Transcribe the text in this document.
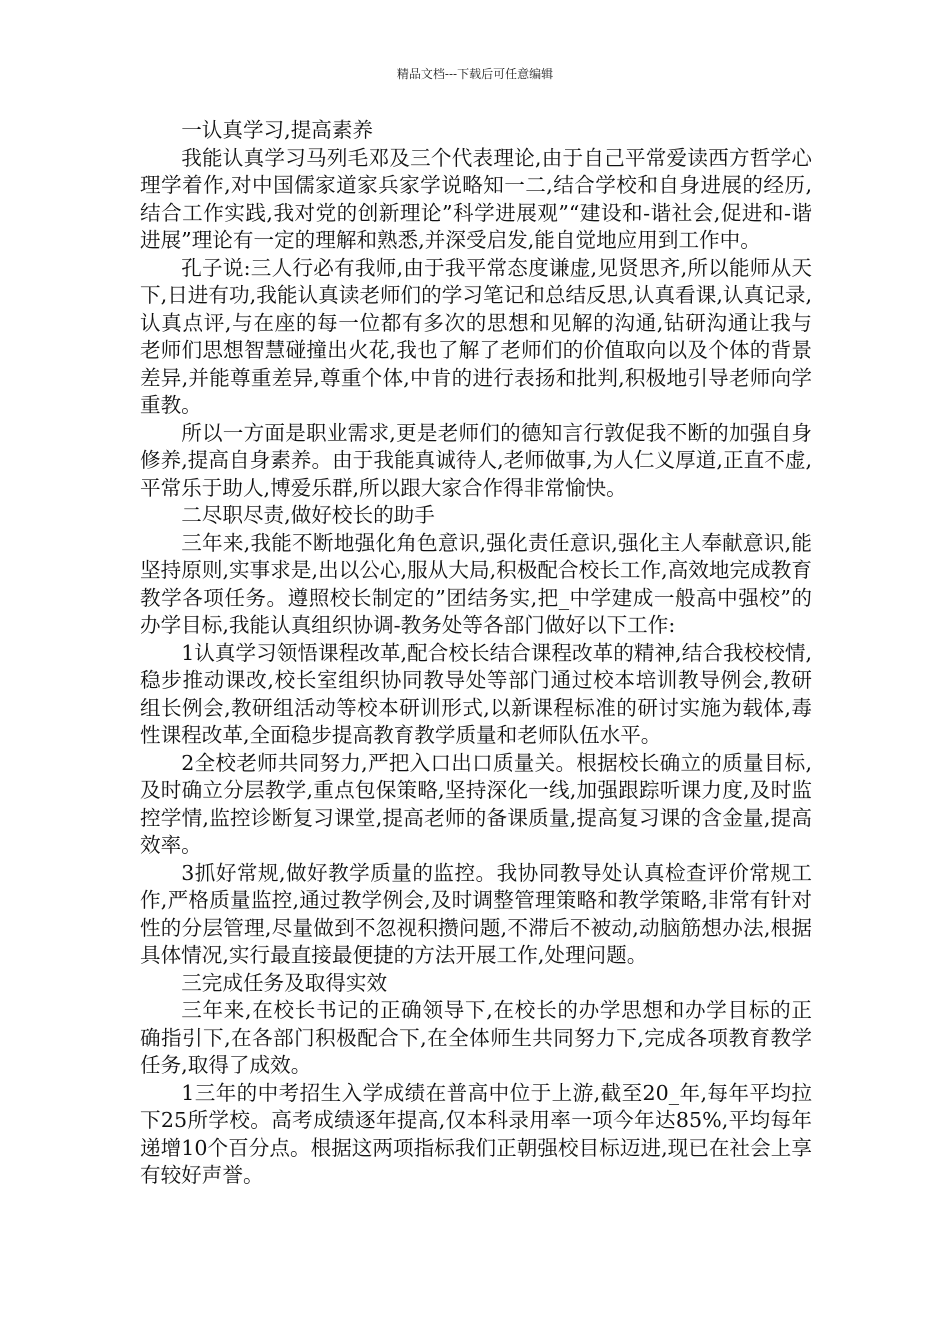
精品文档---下载后可任意编辑

一认真学习,提高素养

我能认真学习马列毛邓及三个代表理论,由于自己平常爱读西方哲学心理学着作,对中国儒家道家兵家学说略知一二,结合学校和自身进展的经历,结合工作实践,我对党的创新理论”科学进展观”“建设和-谐社会,促进和-谐进展”理论有一定的理解和熟悉,并深受启发,能自觉地应用到工作中。

孔子说:三人行必有我师,由于我平常态度谦虚,见贤思齐,所以能师从天下,日进有功,我能认真读老师们的学习笔记和总结反思,认真看课,认真记录,认真点评,与在座的每一位都有多次的思想和见解的沟通,钻研沟通让我与老师们思想智慧碰撞出火花,我也了解了老师们的价值取向以及个体的背景差异,并能尊重差异,尊重个体,中肯的进行表扬和批判,积极地引导老师向学重教。

所以一方面是职业需求,更是老师们的德知言行敦促我不断的加强自身修养,提高自身素养。由于我能真诚待人,老师做事,为人仁义厚道,正直不虚,平常乐于助人,博爱乐群,所以跟大家合作得非常愉快。

二尽职尽责,做好校长的助手

三年来,我能不断地强化角色意识,强化责任意识,强化主人奉献意识,能坚持原则,实事求是,出以公心,服从大局,积极配合校长工作,高效地完成教育教学各项任务。遵照校长制定的”团结务实,把_中学建成一般高中强校”的办学目标,我能认真组织协调-教务处等各部门做好以下工作:

1认真学习领悟课程改革,配合校长结合课程改革的精神,结合我校校情,稳步推动课改,校长室组织协同教导处等部门通过校本培训教导例会,教研组长例会,教研组活动等校本研训形式,以新课程标准的研讨实施为载体,毒性课程改革,全面稳步提高教育教学质量和老师队伍水平。

2全校老师共同努力,严把入口出口质量关。根据校长确立的质量目标,及时确立分层教学,重点包保策略,坚持深化一线,加强跟踪听课力度,及时监控学情,监控诊断复习课堂,提高老师的备课质量,提高复习课的含金量,提高效率。

3抓好常规,做好教学质量的监控。我协同教导处认真检查评价常规工作,严格质量监控,通过教学例会,及时调整管理策略和教学策略,非常有针对性的分层管理,尽量做到不忽视积攒问题,不滞后不被动,动脑筋想办法,根据具体情况,实行最直接最便捷的方法开展工作,处理问题。

三完成任务及取得实效

三年来,在校长书记的正确领导下,在校长的办学思想和办学目标的正确指引下,在各部门积极配合下,在全体师生共同努力下,完成各项教育教学任务,取得了成效。

1三年的中考招生入学成绩在普高中位于上游,截至20_年,每年平均拉下25所学校。高考成绩逐年提高,仅本科录用率一项今年达85%,平均每年递增10个百分点。根据这两项指标我们正朝强校目标迈进,现已在社会上享有较好声誉。
